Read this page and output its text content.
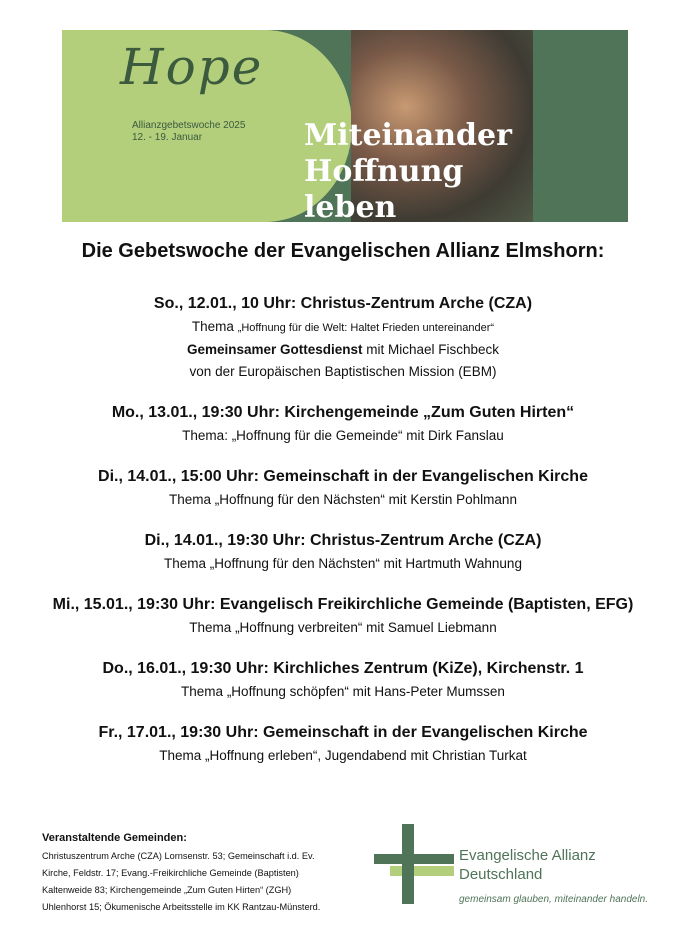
Hope
Allianzgebetswoche 2025
12. - 19. Januar	Miteinander
Hoffnung
leben
Die Gebetswoche der Evangelischen Allianz Elmshorn:
So., 12.01., 10 Uhr: Christus-Zentrum Arche (CZA)
Thema „Hoffnung für die Welt: Haltet Frieden untereinander“
Gemeinsamer Gottesdienst mit Michael Fischbeck
von der Europäischen Baptistischen Mission (EBM)
Mo., 13.01., 19:30 Uhr: Kirchengemeinde „Zum Guten Hirten“
Thema: „Hoffnung für die Gemeinde“ mit Dirk Fanslau
Di., 14.01., 15:00 Uhr: Gemeinschaft in der Evangelischen Kirche
Thema „Hoffnung für den Nächsten“ mit Kerstin Pohlmann
Di., 14.01., 19:30 Uhr: Christus-Zentrum Arche (CZA)
Thema „Hoffnung für den Nächsten“ mit Hartmuth Wahnung
Mi., 15.01., 19:30 Uhr: Evangelisch Freikirchliche Gemeinde (Baptisten, EFG)
Thema „Hoffnung verbreiten“ mit Samuel Liebmann
Do., 16.01., 19:30 Uhr: Kirchliches Zentrum (KiZe), Kirchenstr. 1
Thema „Hoffnung schöpfen“ mit Hans-Peter Mumssen
Fr., 17.01., 19:30 Uhr: Gemeinschaft in der Evangelischen Kirche
Thema „Hoffnung erleben“, Jugendabend mit Christian Turkat
Veranstaltende Gemeinden:
Christuszentrum Arche (CZA) Lornsenstr. 53; Gemeinschaft i.d. Ev.
Kirche, Feldstr. 17; Evang.-Freikirchliche Gemeinde (Baptisten)
Kaltenweide 83; Kirchengemeinde „Zum Guten Hirten“ (ZGH)
Uhlenhorst 15; Ökumenische Arbeitsstelle im KK Rantzau-Münsterd.
Evangelische Allianz
Deutschland
gemeinsam glauben, miteinander handeln.
